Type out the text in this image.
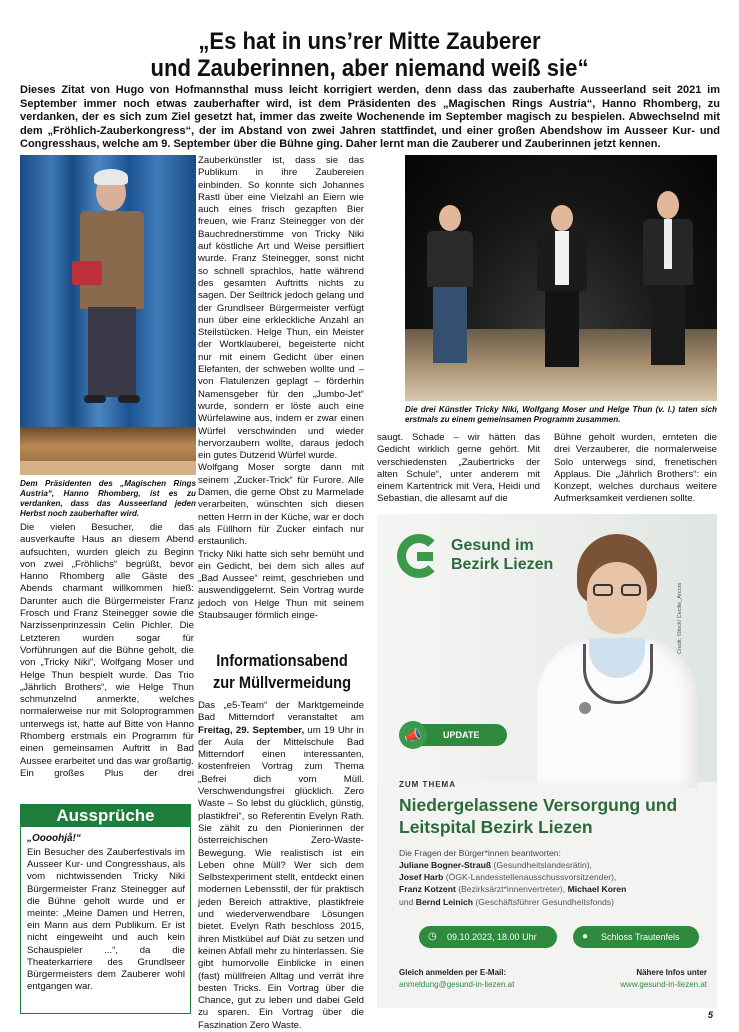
„Es hat in uns’rer Mitte Zauberer
und Zauberinnen, aber niemand weiß sie“
Dieses Zitat von Hugo von Hofmannsthal muss leicht korrigiert werden, denn dass das zauberhafte Ausseerland seit 2021 im September immer noch etwas zauberhafter wird, ist dem Präsidenten des „Magischen Rings Austria“, Hanno Rhomberg, zu verdanken, der es sich zum Ziel gesetzt hat, immer das zweite Wochenende im September magisch zu bespielen. Abwechselnd mit dem „Fröhlich-Zauberkongress“, der im Abstand von zwei Jahren stattfindet, und einer großen Abendshow im Ausseer Kur- und Congresshaus, welche am 9. September über die Bühne ging. Daher lernt man die Zauberer und Zauberinnen jetzt kennen.
Dem Präsidenten des „Magischen Rings Austria“, Hanno Rhomberg, ist es zu verdanken, dass das Ausseerland jeden Herbst noch zauberhafter wird.

Die vielen Besucher, die das ausverkaufte Haus an diesem Abend aufsuchten, wurden gleich zu Beginn von zwei „Fröhlichs“ begrüßt, bevor Hanno Rhomberg alle Gäste des Abends charmant willkommen hieß: Darunter auch die Bürgermeister Franz Frosch und Franz Steinegger sowie die Narzissenprinzessin Celin Pichler. Die Letzteren wurden sogar für Vorführungen auf die Bühne geholt, die von „Tricky Niki“, Wolfgang Moser und Helge Thun bespielt wurde. Das Trio „Jährlich Brothers“, wie Helge Thun schmunzelnd anmerkte, welches normalerweise nur mit Soloprogrammen unterwegs ist, hatte auf Bitte von Hanno Rhomberg erstmals ein Programm für einen gemeinsamen Auftritt in Bad Aussee erarbeitet und das war großartig.

Ein großes Plus der drei

Aussprüche
„Oooohjå!“
Ein Besucher des Zauberfestivals im Ausseer Kur- und Congresshaus, als vom nichtwissenden Tricky Niki Bürgermeister Franz Steinegger auf die Bühne geholt wurde und er meinte: „Meine Damen und Herren, ein Mann aus dem Publikum. Er ist nicht eingeweiht und auch kein Schauspieler ...“, da die Theaterkarriere des Grundlseer Bürgermeisters dem Zauberer wohl entgangen war.

Zauberkünstler ist, dass sie das Publikum in ihre Zaubereien einbinden. So konnte sich Johannes Rastl über eine Vielzahl an Eiern wie auch eines frisch gezapften Bier freuen, wie Franz Steinegger von der Bauchrednerstimme von Tricky Niki auf köstliche Art und Weise persifliert wurde. Franz Steinegger, sonst nicht so schnell sprachlos, hatte während des gesamten Auftritts nichts zu sagen. Der Seiltrick jedoch gelang und der Grundlseer Bürgermeister verfügt nun über eine erkleckliche Anzahl an Steilstücken. Helge Thun, ein Meister der Wortklauberei, begeisterte nicht nur mit einem Gedicht über einen Elefanten, der schweben wollte und – von Flatulenzen geplagt – förderhin Namensgeber für den „Jumbo-Jet“ wurde, sondern er löste auch eine Würfelawine aus, indem er zwar einen Würfel verschwinden und wieder hervorzaubern wollte, daraus jedoch ein gutes Dutzend Würfel wurde.

Wolfgang Moser sorgte dann mit seinem „Zucker-Trick“ für Furore. Alle Damen, die gerne Obst zu Marmelade verarbeiten, wünschten sich diesen netten Herrn in der Küche, war er doch als Füllhorn für Zucker einfach nur erstaunlich.

Tricky Niki hatte sich sehr bemüht und ein Gedicht, bei dem sich alles auf „Bad Aussee“ reimt, geschrieben und auswendiggelernt. Sein Vortrag wurde jedoch von Helge Thun mit seinem Staubsauger förmlich einge-

Informationsabend
zur Müllvermeidung
Das „e5-Team“ der Marktgemeinde Bad Mitterndorf veranstaltet am Freitag, 29. September, um 19 Uhr in der Aula der Mittelschule Bad Mitterndorf einen interessanten, kostenfreien Vortrag zum Thema „Befrei dich vom Müll. Verschwendungsfrei glücklich. Zero Waste – So lebst du glücklich, günstig, plastikfrei“, so Referentin Evelyn Rath. Sie zählt zu den Pionierinnen der österreichischen Zero-Waste-Bewegung. Wie realistisch ist ein Leben ohne Müll? Wer sich dem Selbstexperiment stellt, entdeckt einen modernen Lebensstil, der für praktisch jeden Bereich attraktive, plastikfreie und wiederverwendbare Lösungen bietet. Evelyn Rath beschloss 2015, ihren Mistkübel auf Diät zu setzen und keinen Abfall mehr zu hinterlassen. Sie gibt humorvolle Einblicke in einen (fast) müllfreien Alltag und verrät ihre besten Tricks. Ein Vortrag über die Chance, gut zu leben und dabei Geld zu sparen. Ein Vortrag über die Faszination Zero Waste.
Die drei Künstler Tricky Niki, Wolfgang Moser und Helge Thun (v. l.) taten sich erstmals zu einem gemeinsamen Programm zusammen.
saugt. Schade – wir hätten das Gedicht wirklich gerne gehört. Mit verschiedensten „Zaubertricks der alten Schule“, unter anderem mit einem Kartentrick mit Vera, Heidi und Sebastian, die allesamt auf die
Bühne geholt wurden, ernteten die drei Verzauberer, die normalerweise Solo unterwegs sind, frenetischen Applaus. Die „Jährlich Brothers“: ein Konzept, welches durchaus weitere Aufmerksamkeit verdienen sollte.
Gesund im
Bezirk Liezen
Credit: iStock/ Cecilie_Arcurs
UPDATE
📣
ZUM THEMA
Niedergelassene Versorgung und Leitspital Bezirk Liezen
Die Fragen der Bürger*innen beantworten:
Juliane Bogner-Strauß (Gesundheitslandesrätin),
Josef Harb (ÖGK-Landesstellenausschussvorsitzender),
Franz Kotzent (Bezirksärzt*innenvertreter), Michael Koren
und Bernd Leinich (Geschäftsführer Gesundheitsfonds)
◷ 09.10.2023, 18.00 Uhr	● Schloss Trautenfels
Gleich anmelden per E-Mail:
anmeldung@gesund-in-liezen.at
Nähere Infos unter
www.gesund-in-liezen.at
5
